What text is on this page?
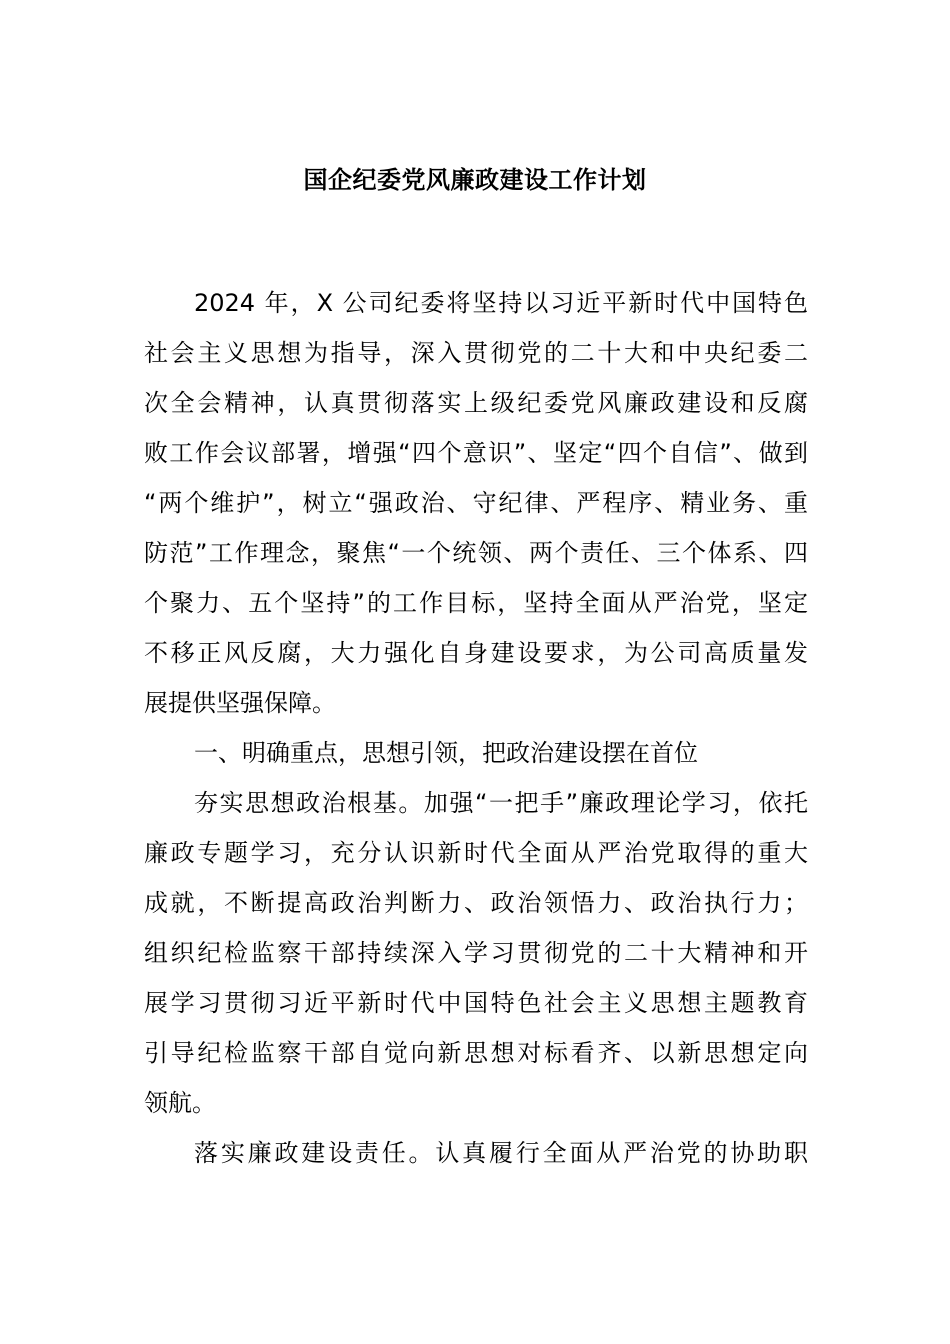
国企纪委党风廉政建设工作计划
2024 年，X 公司纪委将坚持以习近平新时代中国特色
社会主义思想为指导，深入贯彻党的二十大和中央纪委二
次全会精神，认真贯彻落实上级纪委党风廉政建设和反腐
败工作会议部署，增强“四个意识”、坚定“四个自信”、做到
“两个维护”，树立“强政治、守纪律、严程序、精业务、重
防范”工作理念，聚焦“一个统领、两个责任、三个体系、四
个聚力、五个坚持”的工作目标，坚持全面从严治党，坚定
不移正风反腐，大力强化自身建设要求，为公司高质量发
展提供坚强保障。
一、明确重点，思想引领，把政治建设摆在首位
夯实思想政治根基。加强“一把手”廉政理论学习，依托
廉政专题学习，充分认识新时代全面从严治党取得的重大
成就，不断提高政治判断力、政治领悟力、政治执行力；
组织纪检监察干部持续深入学习贯彻党的二十大精神和开
展学习贯彻习近平新时代中国特色社会主义思想主题教育
引导纪检监察干部自觉向新思想对标看齐、以新思想定向
领航。
落实廉政建设责任。认真履行全面从严治党的协助职
